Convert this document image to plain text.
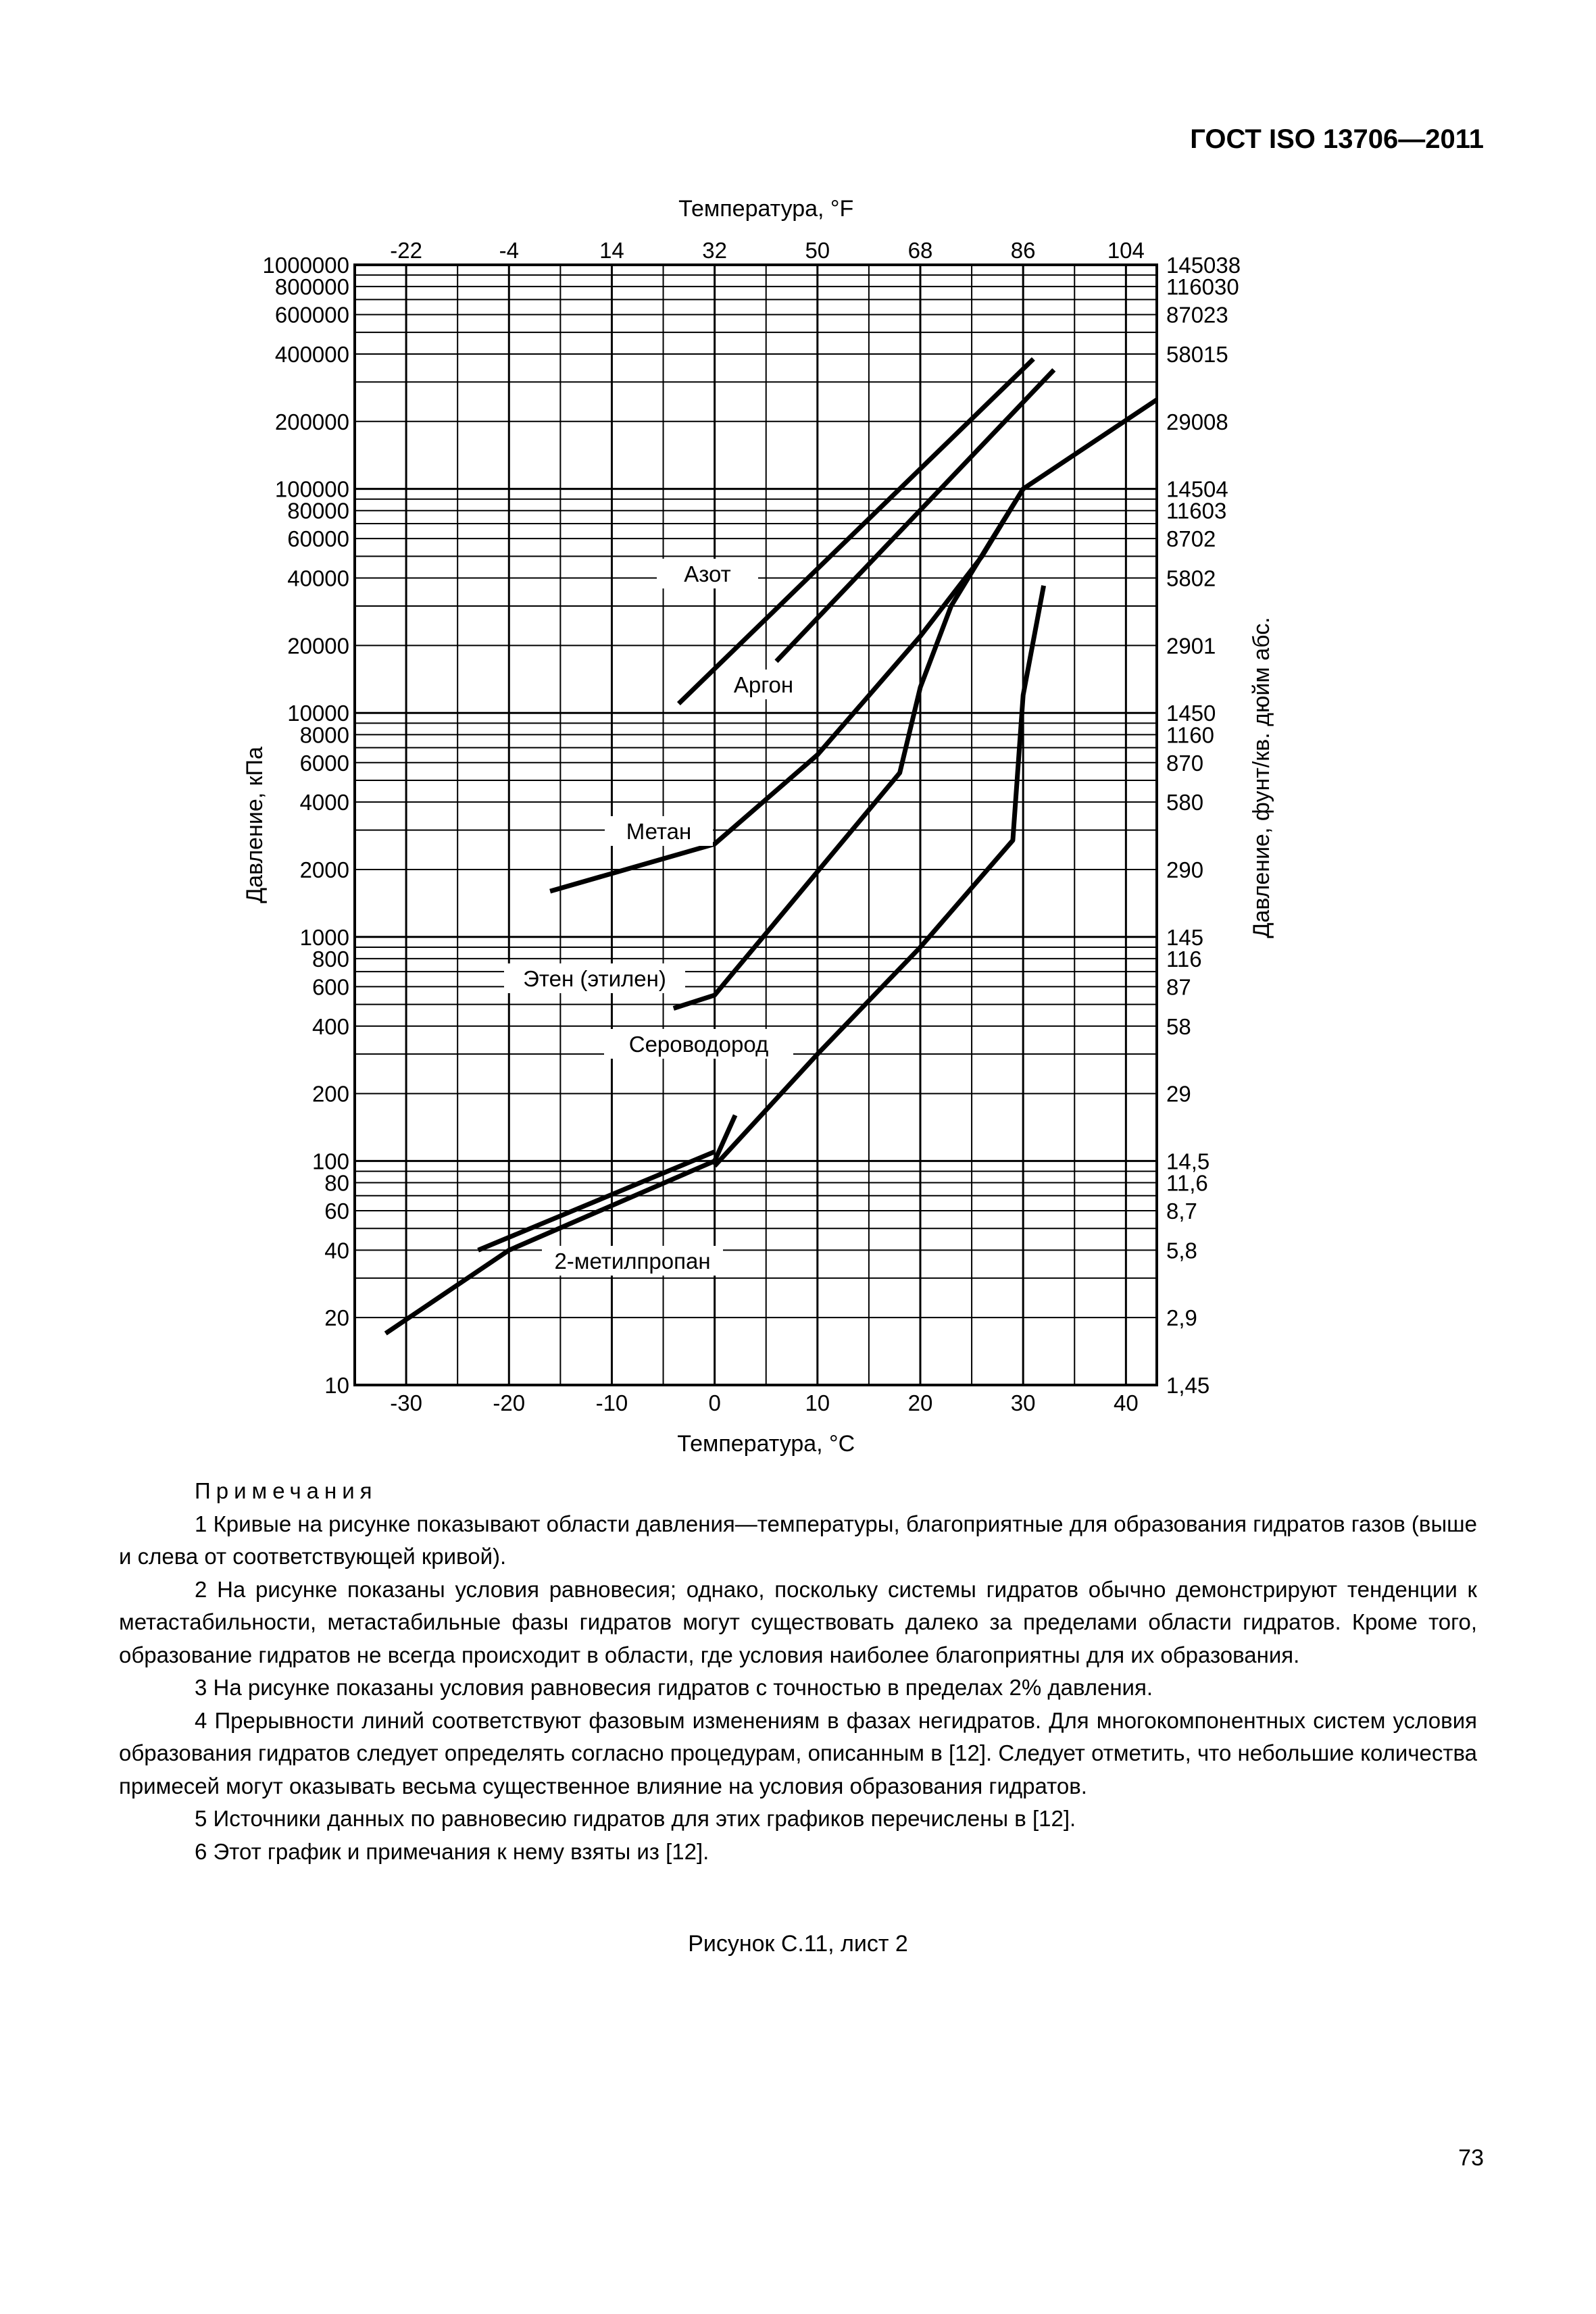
ГОСТ ISO 13706—2011
-30	-20	-10	0	10	20	30	40
-22	-4	14	32	50	68	86	104
1000000
800000
600000
400000
200000
100000
80000
60000
40000
20000
10000
8000
6000
4000
2000
1000
800
600
400
200
100
80
60
40
20
10
145038
116030
87023
58015
29008
14504
11603
8702
5802
2901
1450
1160
870
580
290
145
116
87
58
29
14,5
11,6
8,7
5,8
2,9
1,45
Азот
Аргон
Метан
Этен (этилен)
Сероводород
2-метилпропан
Температура, °F
Температура, °C
Давление, кПа	Давление, фунт/кв. дюйм абс.

Примечания

1 Кривые на рисунке показывают области давления—температуры, благоприятные для образования гидратов газов (выше и слева от соответствующей кривой).

2 На рисунке показаны условия равновесия; однако, поскольку системы гидратов обычно демонстрируют тенденции к метастабильности, метастабильные фазы гидратов могут существовать далеко за пределами области гидратов. Кроме того, образование гидратов не всегда происходит в области, где условия наиболее благоприятны для их образования.

3 На рисунке показаны условия равновесия гидратов с точностью в пределах 2% давления.

4 Прерывности линий соответствуют фазовым изменениям в фазах негидратов. Для многокомпонентных систем условия образования гидратов следует определять согласно процедурам, описанным в [12]. Следует отметить, что небольшие количества примесей могут оказывать весьма существенное влияние на условия образования гидратов.

5 Источники данных по равновесию гидратов для этих графиков перечислены в [12].

6 Этот график и примечания к нему взяты из [12].

Рисунок С.11, лист 2
73
